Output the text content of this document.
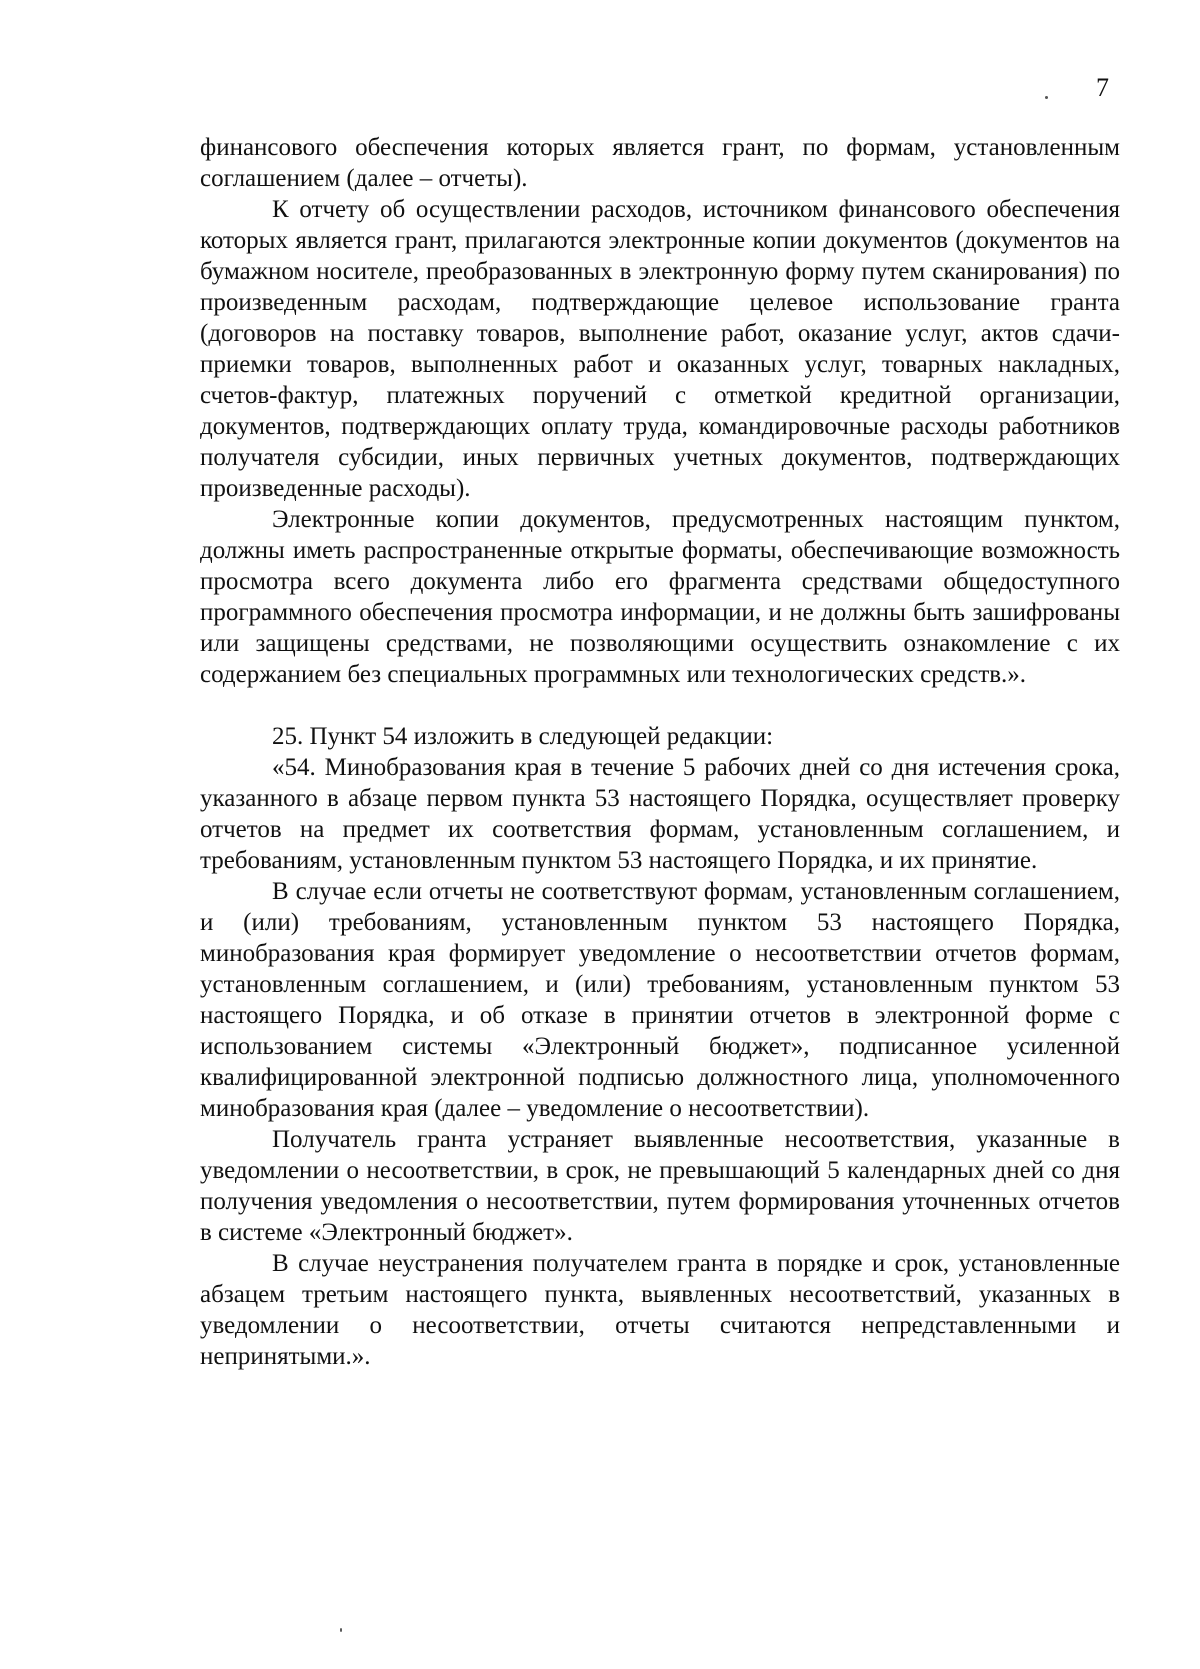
7

финансового обеспечения которых является грант, по формам, установленным соглашением (далее – отчеты).

К отчету об осуществлении расходов, источником финансового обеспечения которых является грант, прилагаются электронные копии документов (документов на бумажном носителе, преобразованных в электронную форму путем сканирования) по произведенным расходам, подтверждающие целевое использование гранта (договоров на поставку товаров, выполнение работ, оказание услуг, актов сдачи-приемки товаров, выполненных работ и оказанных услуг, товарных накладных, счетов-фактур, платежных поручений с отметкой кредитной организации, документов, подтверждающих оплату труда, командировочные расходы работников получателя субсидии, иных первичных учетных документов, подтверждающих произведенные расходы).

Электронные копии документов, предусмотренных настоящим пунктом, должны иметь распространенные открытые форматы, обеспечивающие возможность просмотра всего документа либо его фрагмента средствами общедоступного программного обеспечения просмотра информации, и не должны быть зашифрованы или защищены средствами, не позволяющими осуществить ознакомление с их содержанием без специальных программных или технологических средств.».

25. Пункт 54 изложить в следующей редакции:

«54. Минобразования края в течение 5 рабочих дней со дня истечения срока, указанного в абзаце первом пункта 53 настоящего Порядка, осуществляет проверку отчетов на предмет их соответствия формам, установленным соглашением, и требованиям, установленным пунктом 53 настоящего Порядка, и их принятие.

В случае если отчеты не соответствуют формам, установленным соглашением, и (или) требованиям, установленным пунктом 53 настоящего Порядка, минобразования края формирует уведомление о несоответствии отчетов формам, установленным соглашением, и (или) требованиям, установленным пунктом 53 настоящего Порядка, и об отказе в принятии отчетов в электронной форме с использованием системы «Электронный бюджет», подписанное усиленной квалифицированной электронной подписью должностного лица, уполномоченного минобразования края (далее – уведомление о несоответствии).

Получатель гранта устраняет выявленные несоответствия, указанные в уведомлении о несоответствии, в срок, не превышающий 5 календарных дней со дня получения уведомления о несоответствии, путем формирования уточненных отчетов в системе «Электронный бюджет».

В случае неустранения получателем гранта в порядке и срок, установленные абзацем третьим настоящего пункта, выявленных несоответствий, указанных в уведомлении о несоответствии, отчеты считаются непредставленными и непринятыми.».
